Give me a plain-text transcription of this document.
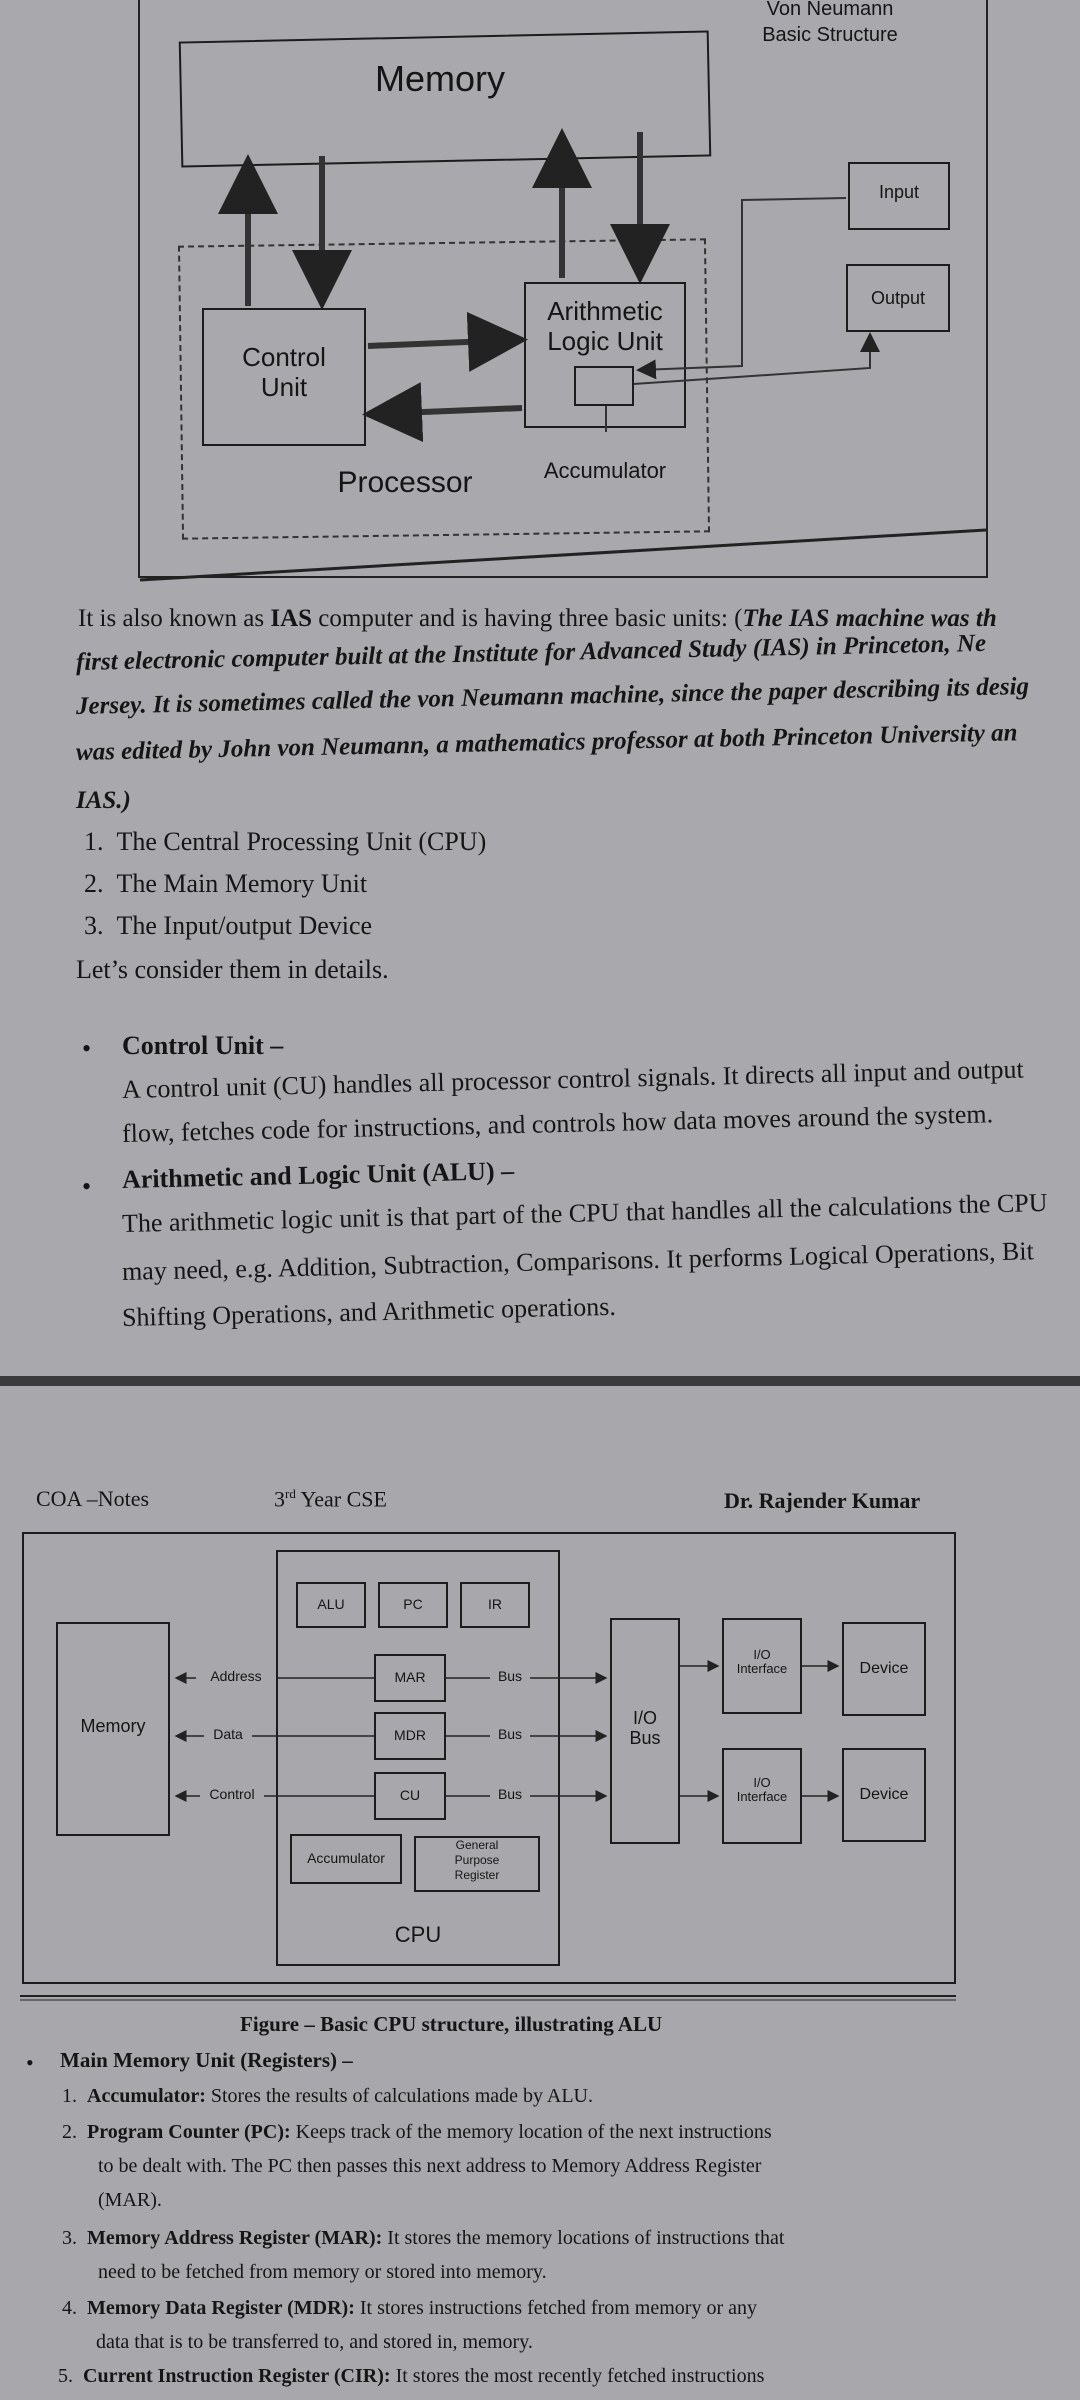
Von Neumann
Basic Structure
Memory
Input
Output
Control
Unit
Arithmetic
Logic Unit
Processor	Accumulator
It is also known as IAS computer and is having three basic units: (The IAS machine was th
first electronic computer built at the Institute for Advanced Study (IAS) in Princeton, Ne
Jersey. It is sometimes called the von Neumann machine, since the paper describing its desig
was edited by John von Neumann, a mathematics professor at both Princeton University an
IAS.)
1. The Central Processing Unit (CPU)
2. The Main Memory Unit
3. The Input/output Device
Let’s consider them in details.
• Control Unit –
A control unit (CU) handles all processor control signals. It directs all input and output
flow, fetches code for instructions, and controls how data moves around the system.
• Arithmetic and Logic Unit (ALU) –
The arithmetic logic unit is that part of the CPU that handles all the calculations the CPU
may need, e.g. Addition, Subtraction, Comparisons. It performs Logical Operations, Bit
Shifting Operations, and Arithmetic operations.
COA –Notes	3rd Year CSE	Dr. Rajender Kumar
Memory
CPU
ALU	PC	IR
MAR
MDR
CU
Accumulator
General
Purpose
Register
I/O
Bus
I/O
Interface
I/O
Interface
Device
Device
Address
Data
Control
Bus
Bus
Bus
Figure – Basic CPU structure, illustrating ALU
• Main Memory Unit (Registers) –
1. Accumulator: Stores the results of calculations made by ALU.
2. Program Counter (PC): Keeps track of the memory location of the next instructions
to be dealt with. The PC then passes this next address to Memory Address Register
(MAR).
3. Memory Address Register (MAR): It stores the memory locations of instructions that
need to be fetched from memory or stored into memory.
4. Memory Data Register (MDR): It stores instructions fetched from memory or any
data that is to be transferred to, and stored in, memory.
5. Current Instruction Register (CIR): It stores the most recently fetched instructions
